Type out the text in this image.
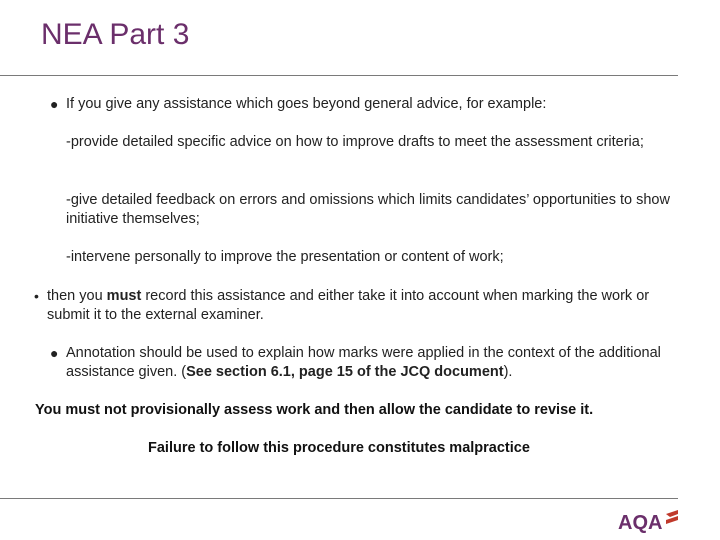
NEA Part 3
● If you give any assistance which goes beyond general advice, for example:
-provide detailed specific advice on how to improve drafts to meet the assessment criteria;
-give detailed feedback on errors and omissions which limits candidates’ opportunities to show initiative themselves;
-intervene personally to improve the presentation or content of work;
• then you must record this assistance and either take it into account when marking the work or submit it to the external examiner.
● Annotation should be used to explain how marks were applied in the context of the additional assistance given. (See section 6.1, page 15 of the JCQ document).
You must not provisionally assess work and then allow the candidate to revise it.
Failure to follow this procedure constitutes malpractice
AQA
